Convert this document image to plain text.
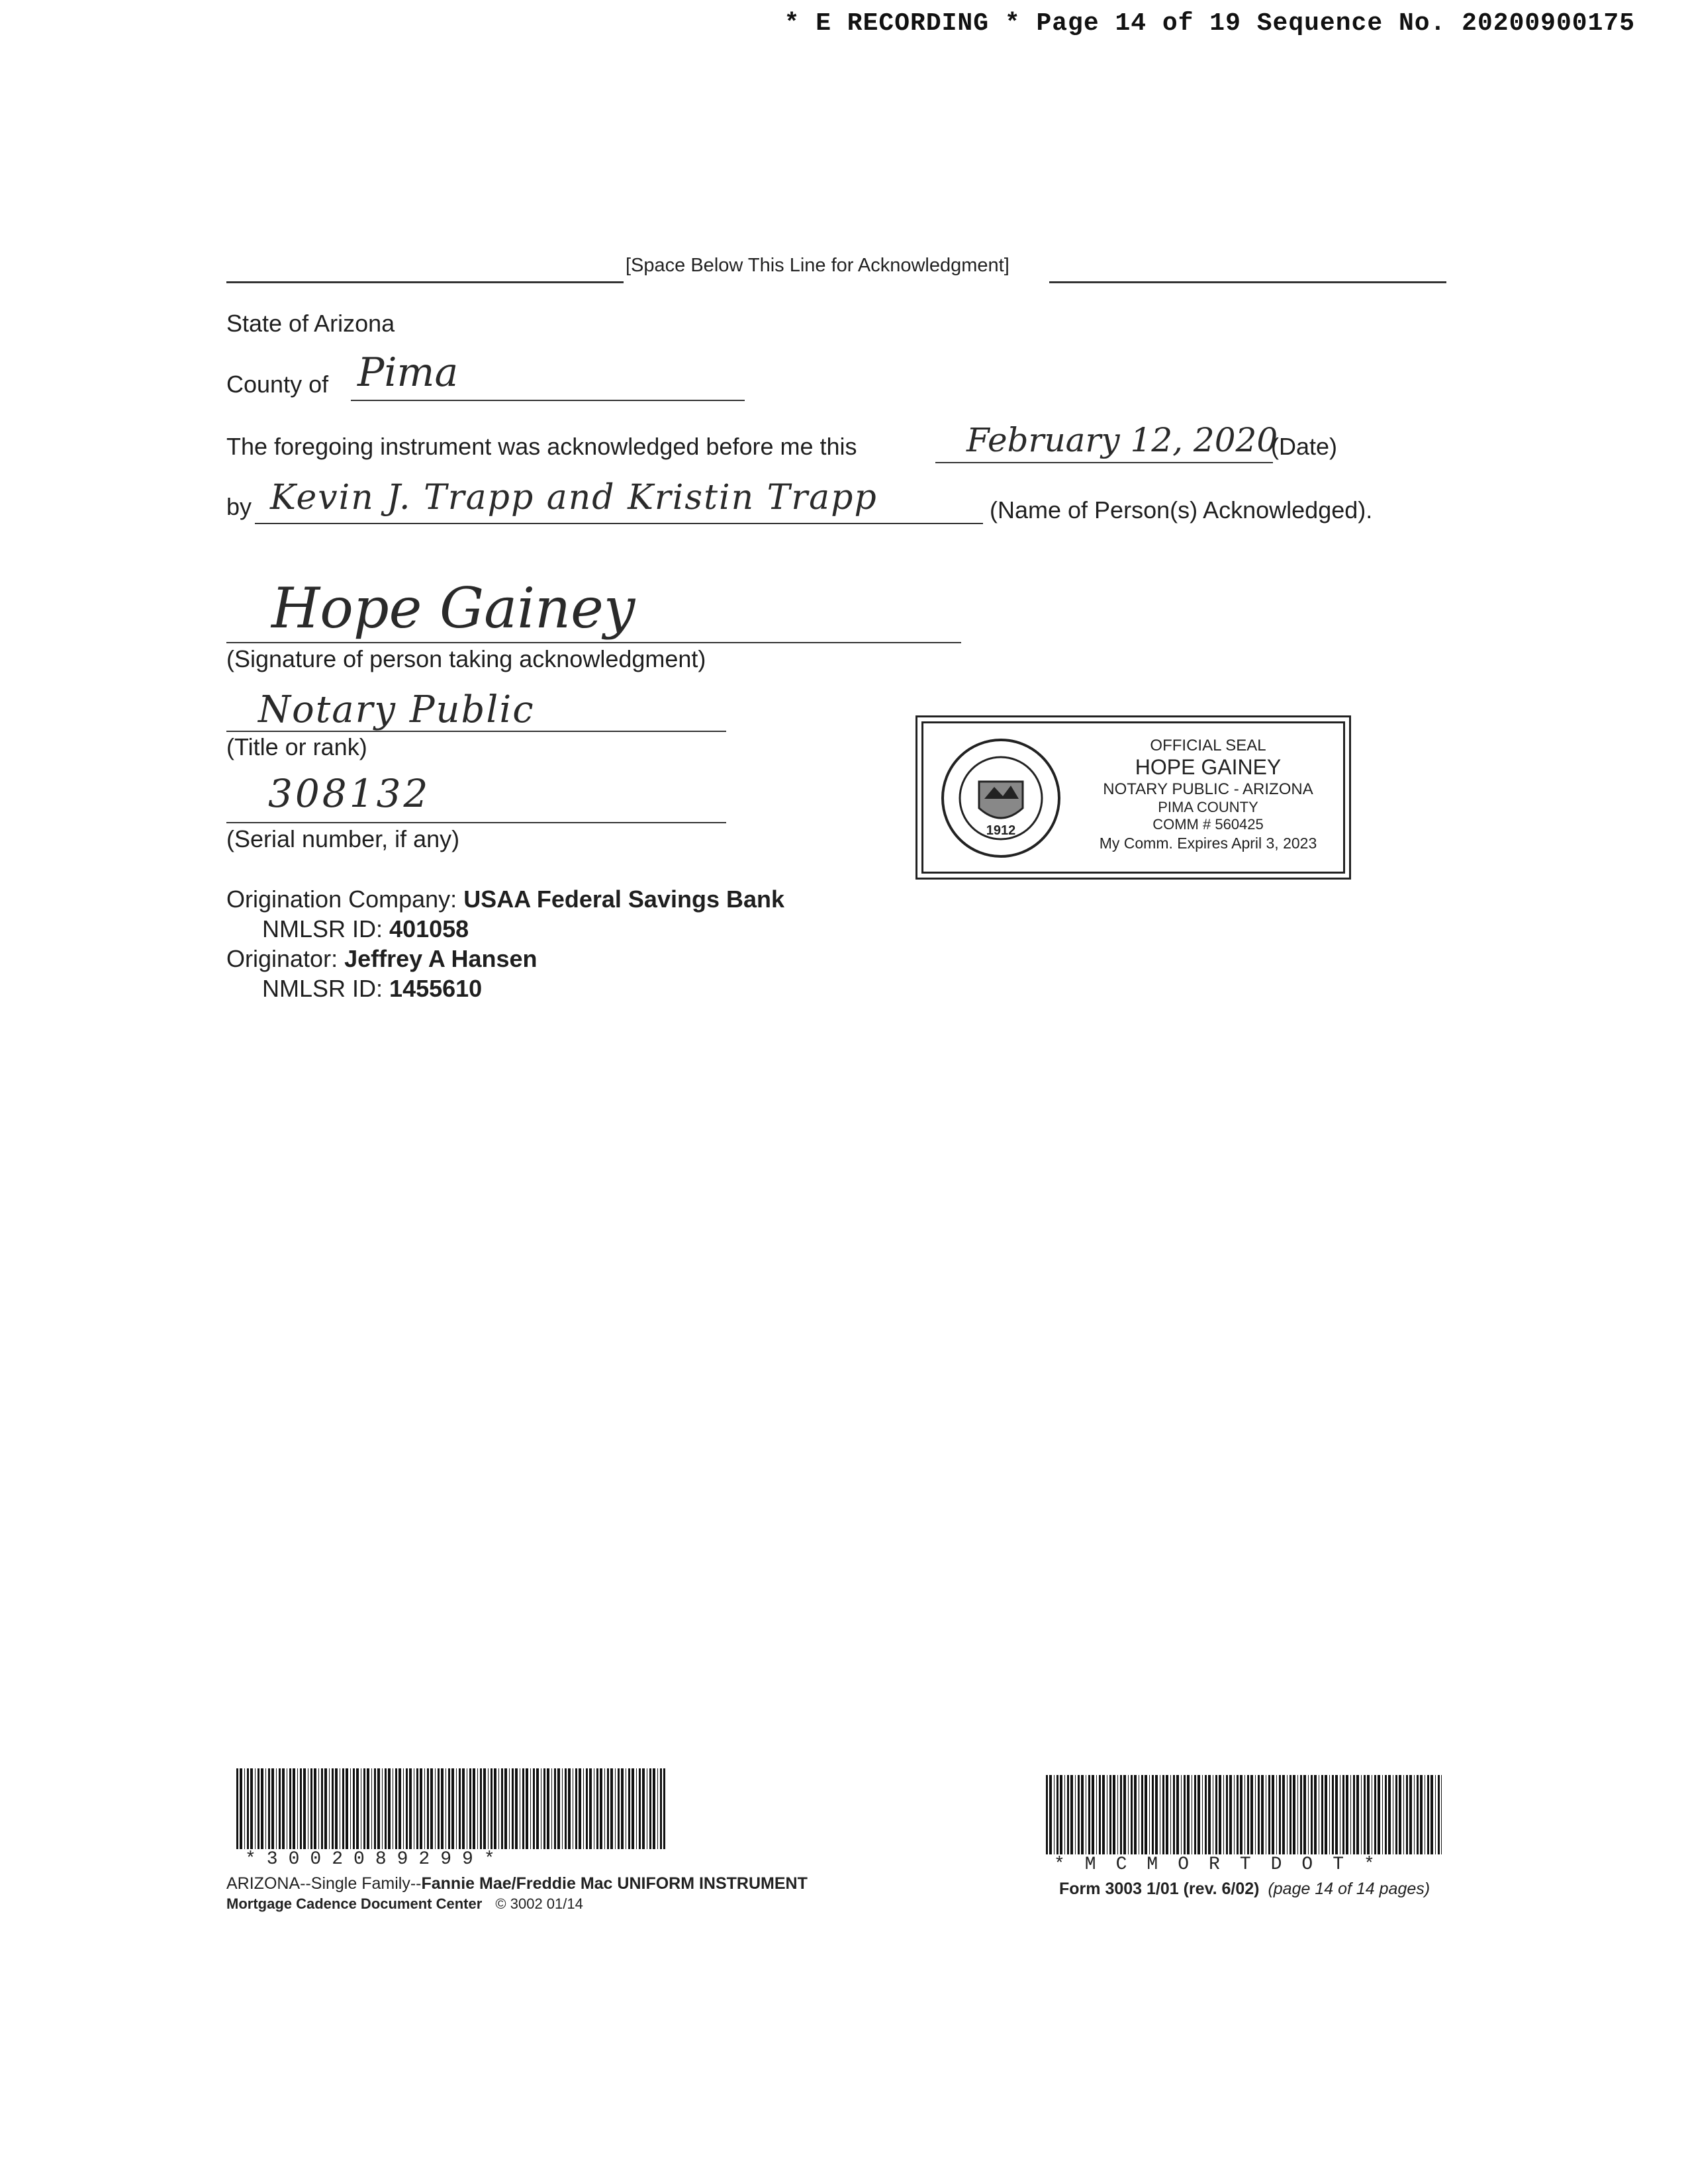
* E RECORDING * Page 14 of 19 Sequence No. 20200900175
[Space Below This Line for Acknowledgment]
State of Arizona
County of Pima
The foregoing instrument was acknowledged before me this	February 12, 2020
(Date)
by Kevin J. Trapp and Kristin Trapp	(Name of Person(s) Acknowledged).
Hope Gainey
(Signature of person taking acknowledgment)
Notary Public
(Title or rank)
308132
(Serial number, if any)	1912
OFFICIAL SEAL
HOPE GAINEY
NOTARY PUBLIC - ARIZONA
PIMA COUNTY
COMM # 560425
My Comm. Expires April 3, 2023
Origination Company: USAA Federal Savings Bank
NMLSR ID: 401058
Originator: Jeffrey A Hansen
NMLSR ID: 1455610
*3002089299*
ARIZONA--Single Family--Fannie Mae/Freddie Mac UNIFORM INSTRUMENT
Mortgage Cadence Document Center © 3002 01/14
*MCMORTDOT*
Form 3003 1/01 (rev. 6/02) (page 14 of 14 pages)
